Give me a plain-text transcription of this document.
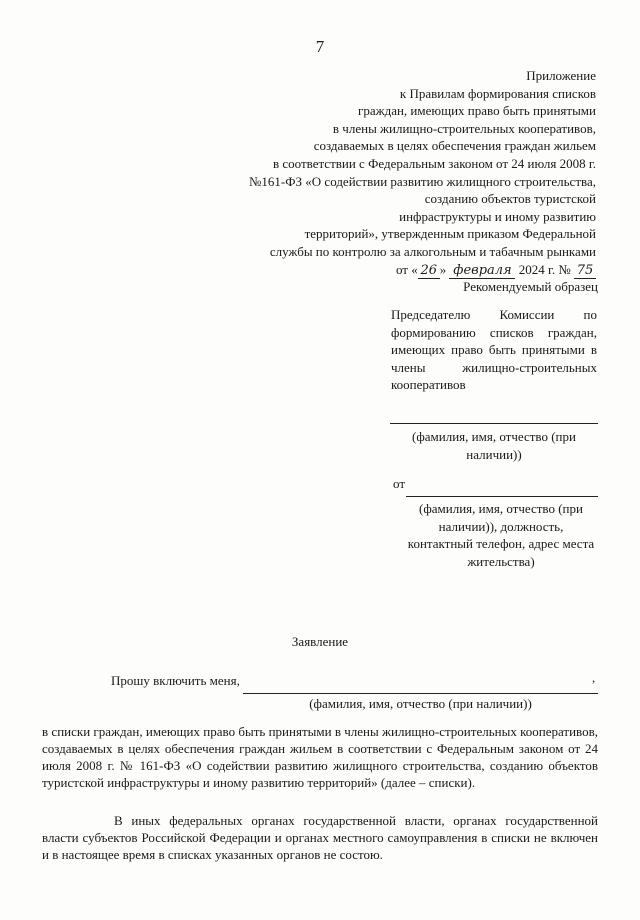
7
Приложение
к Правилам формирования списков
граждан, имеющих право быть принятыми
в члены жилищно-строительных кооперативов,
создаваемых в целях обеспечения граждан жильем
в соответствии с Федеральным законом от 24 июля 2008 г.
№161-ФЗ «О содействии развитию жилищного строительства,
созданию объектов туристской
инфраструктуры и иному развитию
территорий», утвержденным приказом Федеральной
службы по контролю за алкогольным и табачным рынками
от « 26 » февраля 2024 г. № 75
Рекомендуемый образец
Председателю Комиссии по
формированию списков граждан,
имеющих право быть принятыми в
члены жилищно-строительных
кооперативов
(фамилия, имя, отчество (при
наличии))
от
(фамилия, имя, отчество (при
наличии)), должность,
контактный телефон, адрес места
жительства)
Заявление
Прошу включить меня,	,
(фамилия, имя, отчество (при наличии))
в списки граждан, имеющих право быть принятыми в члены жилищно-строительных кооперативов, создаваемых в целях обеспечения граждан жильем в соответствии с Федеральным законом от 24 июля 2008 г. № 161-ФЗ «О содействии развитию жилищного строительства, созданию объектов туристской инфраструктуры и иному развитию территорий» (далее – списки).
В иных федеральных органах государственной власти, органах государственной власти субъектов Российской Федерации и органах местного самоуправления в списки не включен и в настоящее время в списках указанных органов не состою.
